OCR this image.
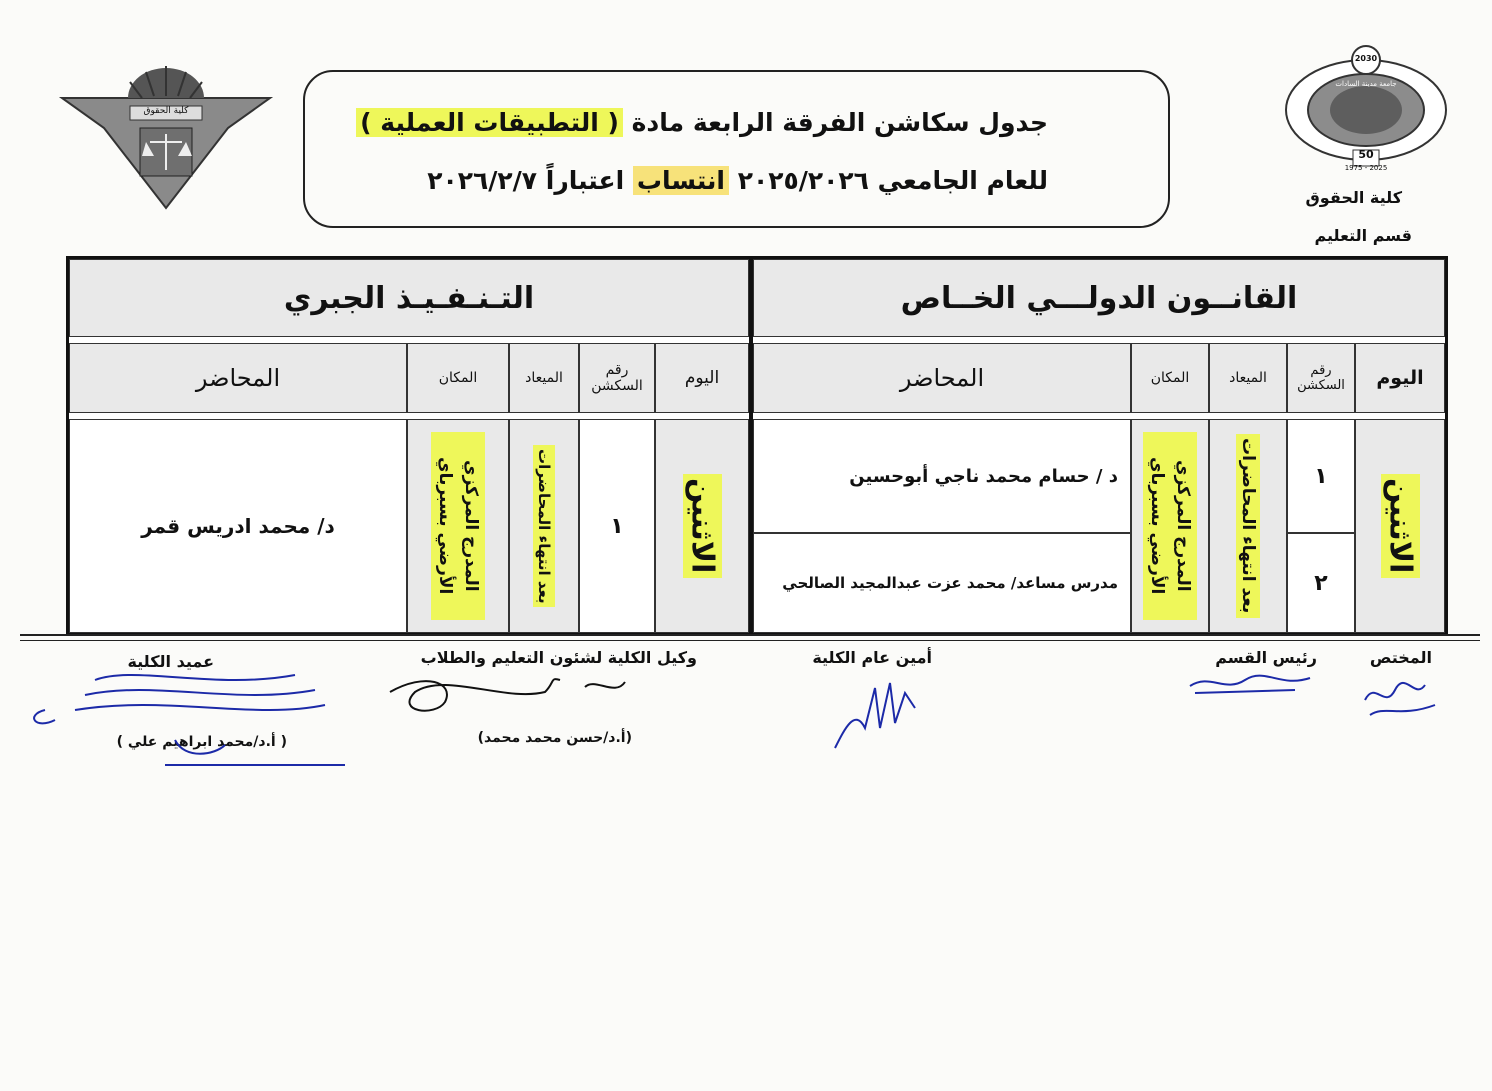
كلية الحقوق
2030
جامعة مدينة السادات
50
1975 - 2025
كلية الحقوق
قسم التعليم
جدول سكاشن الفرقة الرابعة مادة ( التطبيقات العملية )
للعام الجامعي ٢٠٢٥/٢٠٢٦ انتساب اعتباراً ٢٠٢٦/٢/٧
القانــون الدولـــي الخــاص
اليوم
رقم السكشن
الميعاد
المكان
المحاضر
الاثنين
١
٢
بعد انتهاء المحاضرات
المدرج المركزي الأرضي بسبرباي
د / حسام محمد ناجي أبوحسين
مدرس مساعد/ محمد عزت عبدالمجيد الصالحي
التـنـفـيـذ الجبري
اليوم
رقم السكشن
الميعاد
المكان
المحاضر
الاثنين
١
بعد انتهاء المحاضرات
المدرج المركزي الأرضي بسبرباي
د/ محمد ادريس قمر
المختص
رئيس القسم
أمين عام الكلية
وكيل الكلية لشئون التعليم والطلاب
(أ.د/حسن محمد محمد)
عميد الكلية
( أ.د/محمد ابراهيم علي )
